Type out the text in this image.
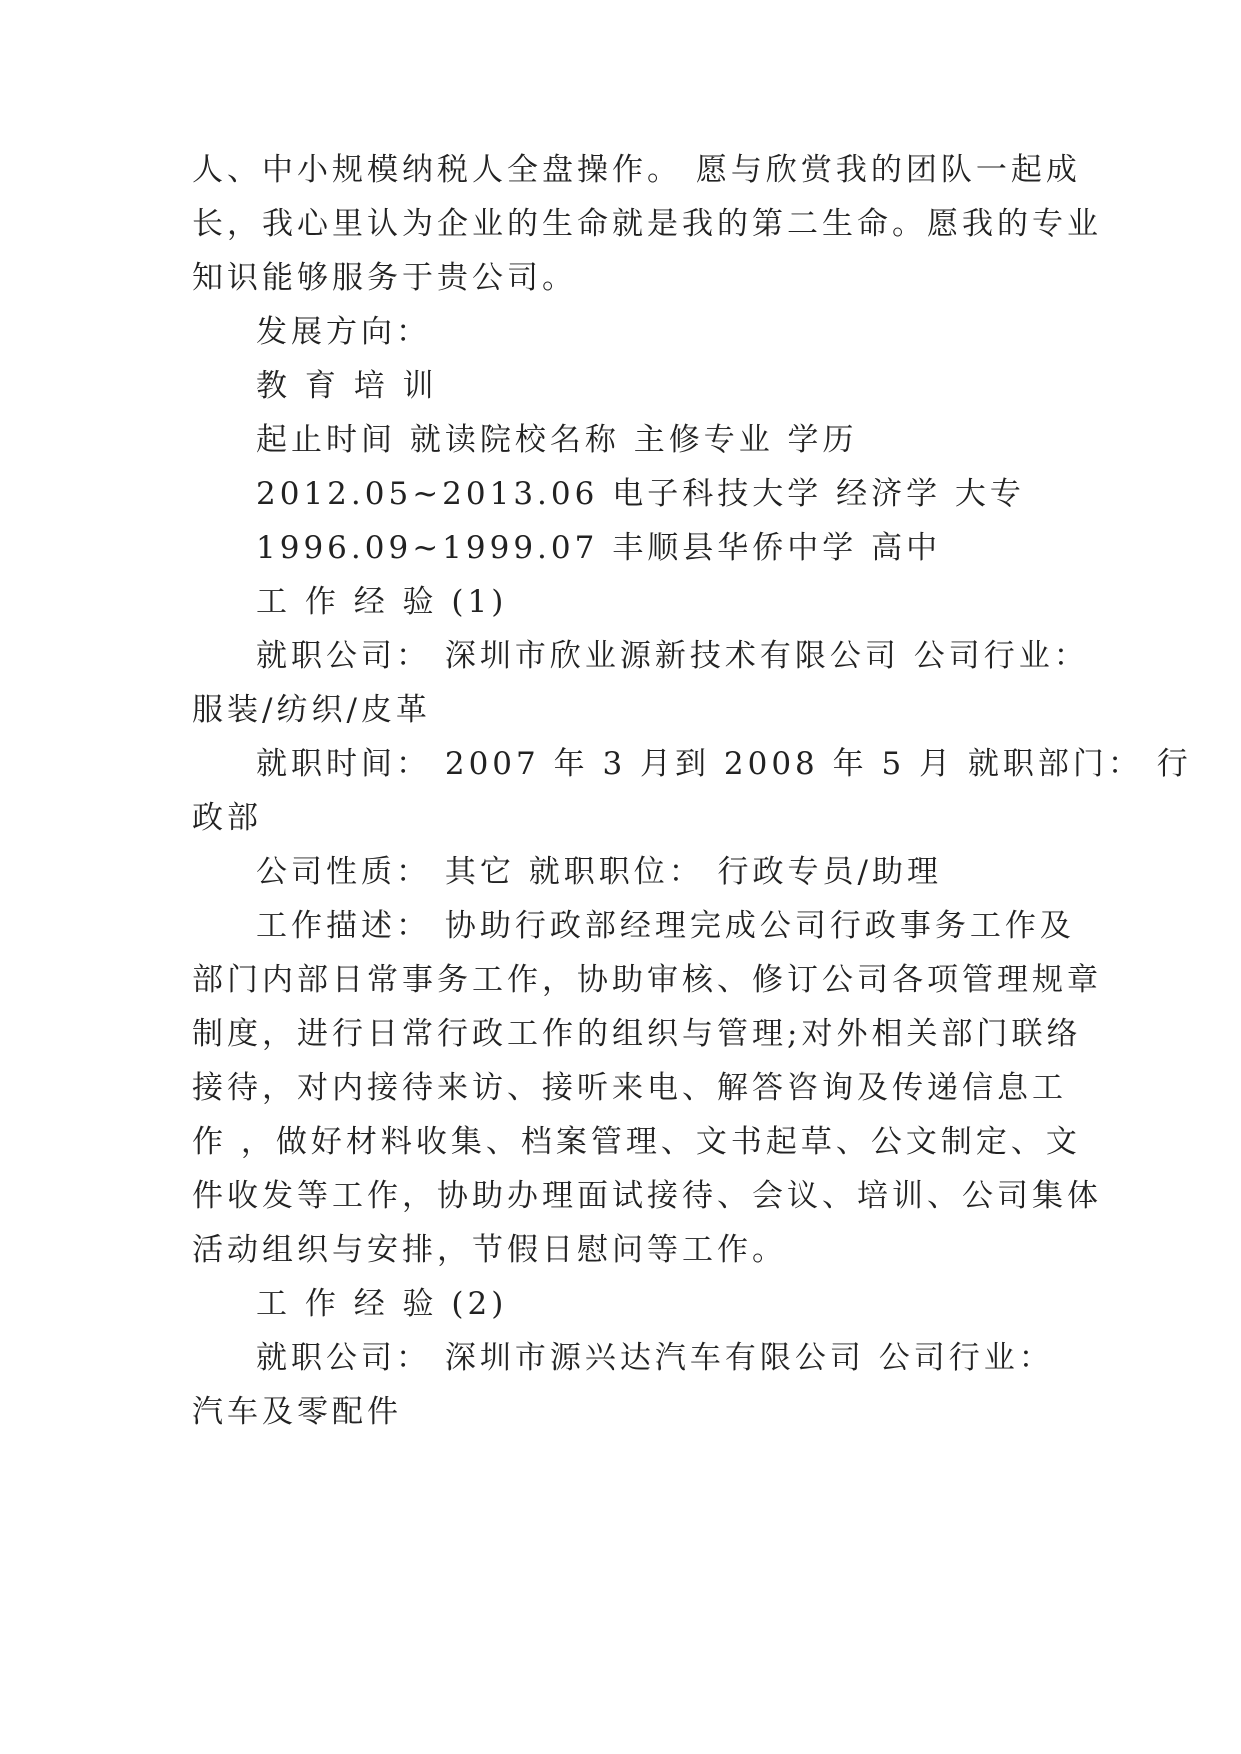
人、中小规模纳税人全盘操作。 愿与欣赏我的团队一起成
长，我心里认为企业的生命就是我的第二生命。愿我的专业
知识能够服务于贵公司。
发展方向：
教 育 培 训
起止时间 就读院校名称 主修专业 学历
2012.05~2013.06 电子科技大学 经济学 大专
1996.09~1999.07 丰顺县华侨中学 高中
工 作 经 验 (1)
就职公司： 深圳市欣业源新技术有限公司 公司行业：
服装/纺织/皮革
就职时间： 2007 年 3 月到 2008 年 5 月 就职部门： 行
政部
公司性质： 其它 就职职位： 行政专员/助理
工作描述： 协助行政部经理完成公司行政事务工作及
部门内部日常事务工作，协助审核、修订公司各项管理规章
制度，进行日常行政工作的组织与管理;对外相关部门联络
接待，对内接待来访、接听来电、解答咨询及传递信息工
作 ，做好材料收集、档案管理、文书起草、公文制定、文
件收发等工作，协助办理面试接待、会议、培训、公司集体
活动组织与安排，节假日慰问等工作。
工 作 经 验 (2)
就职公司： 深圳市源兴达汽车有限公司 公司行业：
汽车及零配件
